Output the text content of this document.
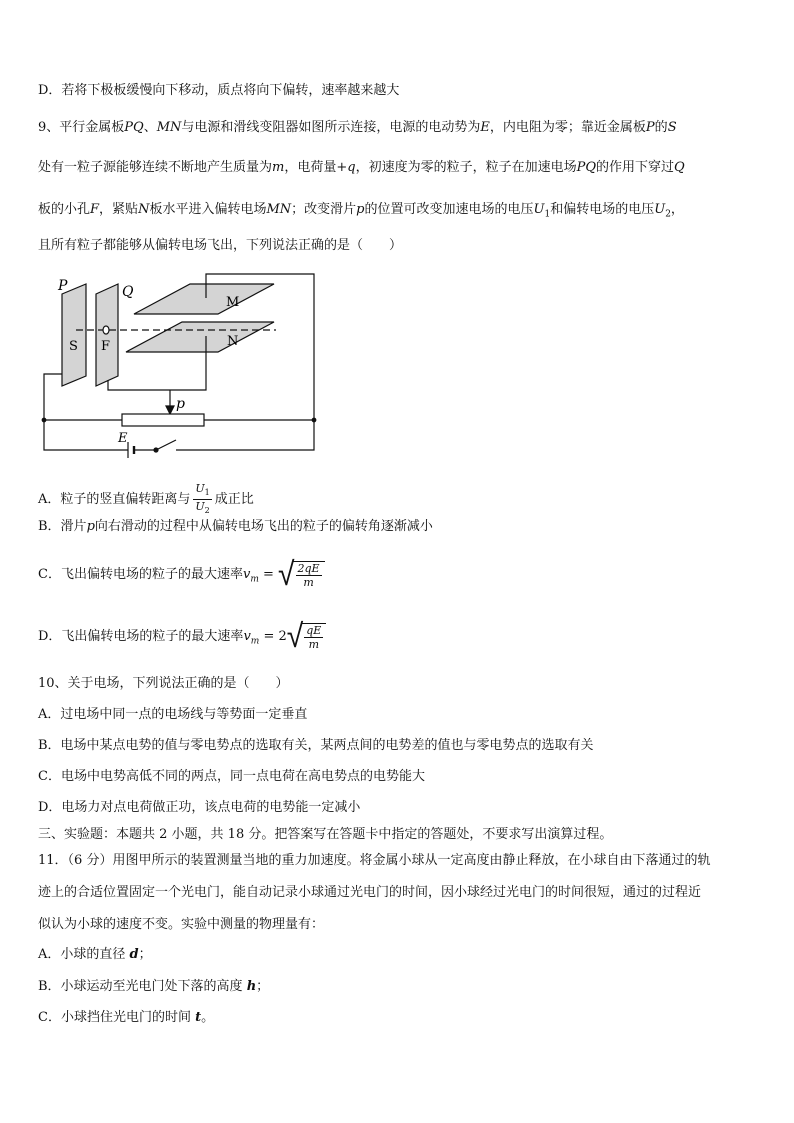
D．若将下极板缓慢向下移动，质点将向下偏转，速率越来越大
9、平行金属板PQ、MN与电源和滑线变阻器如图所示连接，电源的电动势为E，内电阻为零；靠近金属板P的S
处有一粒子源能够连续不断地产生质量为m，电荷量+q，初速度为零的粒子，粒子在加速电场PQ的作用下穿过Q
板的小孔F，紧贴N板水平进入偏转电场MN；改变滑片p的位置可改变加速电场的电压$U_1$和偏转电场的电压$U_2$，
且所有粒子都能够从偏转电场飞出，下列说法正确的是（　　）
P	Q
M
N
S F
p
E
A．粒子的竖直偏转距离与 $\frac{U_1}{U_2}$ 成正比
B．滑片p向右滑动的过程中从偏转电场飞出的粒子的偏转角逐渐减小
C．飞出偏转电场的粒子的最大速率$v_m$ = √ $\frac{2qE}{m}$
D．飞出偏转电场的粒子的最大速率$v_m = 2$ √ $\frac{qE}{m}$
10、关于电场，下列说法正确的是（　　）
A．过电场中同一点的电场线与等势面一定垂直
B．电场中某点电势的值与零电势点的选取有关，某两点间的电势差的值也与零电势点的选取有关
C．电场中电势高低不同的两点，同一点电荷在高电势点的电势能大
D．电场力对点电荷做正功，该点电荷的电势能一定减小
三、实验题：本题共 2 小题，共 18 分。把答案写在答题卡中指定的答题处，不要求写出演算过程。
11．（6 分）用图甲所示的装置测量当地的重力加速度。将金属小球从一定高度由静止释放，在小球自由下落通过的轨
迹上的合适位置固定一个光电门，能自动记录小球通过光电门的时间，因小球经过光电门的时间很短，通过的过程近
似认为小球的速度不变。实验中测量的物理量有：
A．小球的直径 d；
B．小球运动至光电门处下落的高度 h；
C．小球挡住光电门的时间 t。
